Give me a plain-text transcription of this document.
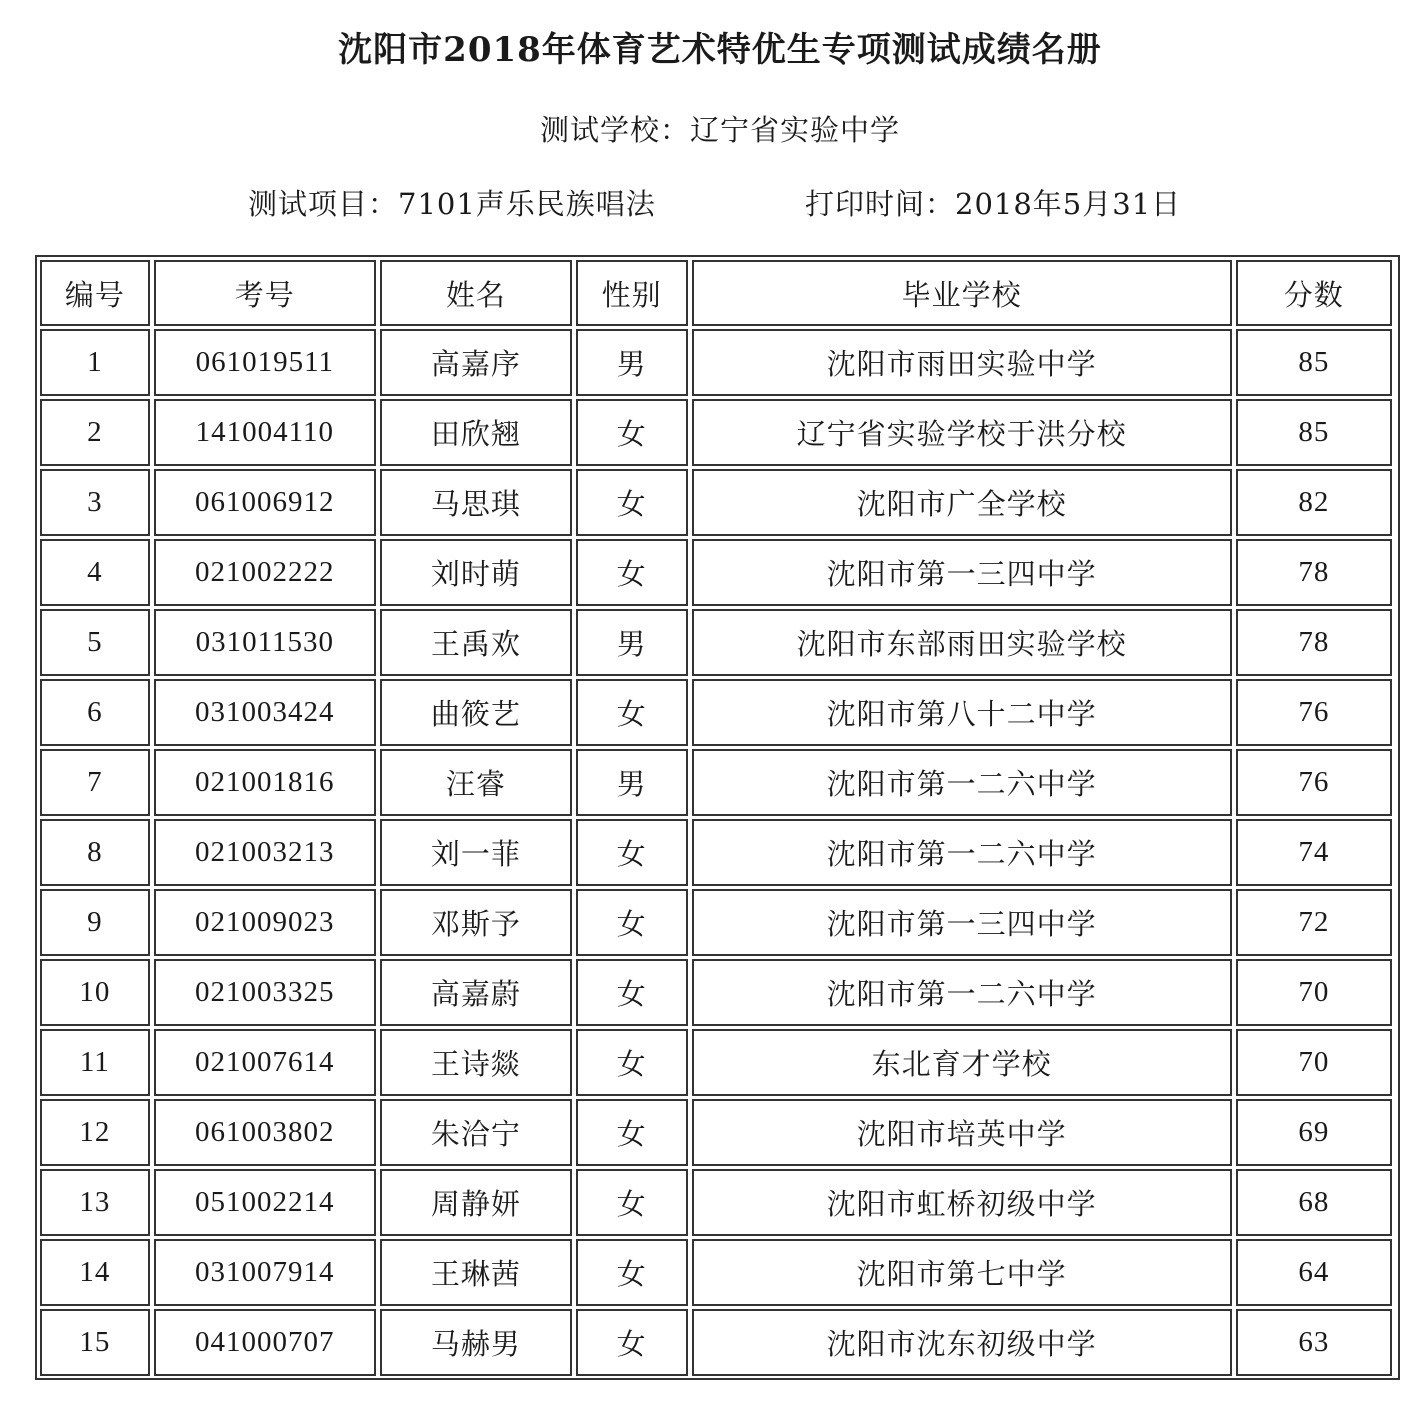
沈阳市2018年体育艺术特优生专项测试成绩名册
测试学校：辽宁省实验中学
测试项目：7101声乐民族唱法	打印时间：2018年5月31日
编号	考号	姓名	性别	毕业学校	分数
1	061019511	高嘉序	男	沈阳市雨田实验中学	85
2	141004110	田欣翘	女	辽宁省实验学校于洪分校	85
3	061006912	马思琪	女	沈阳市广全学校	82
4	021002222	刘时萌	女	沈阳市第一三四中学	78
5	031011530	王禹欢	男	沈阳市东部雨田实验学校	78
6	031003424	曲筱艺	女	沈阳市第八十二中学	76
7	021001816	汪睿	男	沈阳市第一二六中学	76
8	021003213	刘一菲	女	沈阳市第一二六中学	74
9	021009023	邓斯予	女	沈阳市第一三四中学	72
10	021003325	高嘉蔚	女	沈阳市第一二六中学	70
11	021007614	王诗燚	女	东北育才学校	70
12	061003802	朱洽宁	女	沈阳市培英中学	69
13	051002214	周静妍	女	沈阳市虹桥初级中学	68
14	031007914	王琳茜	女	沈阳市第七中学	64
15	041000707	马赫男	女	沈阳市沈东初级中学	63
